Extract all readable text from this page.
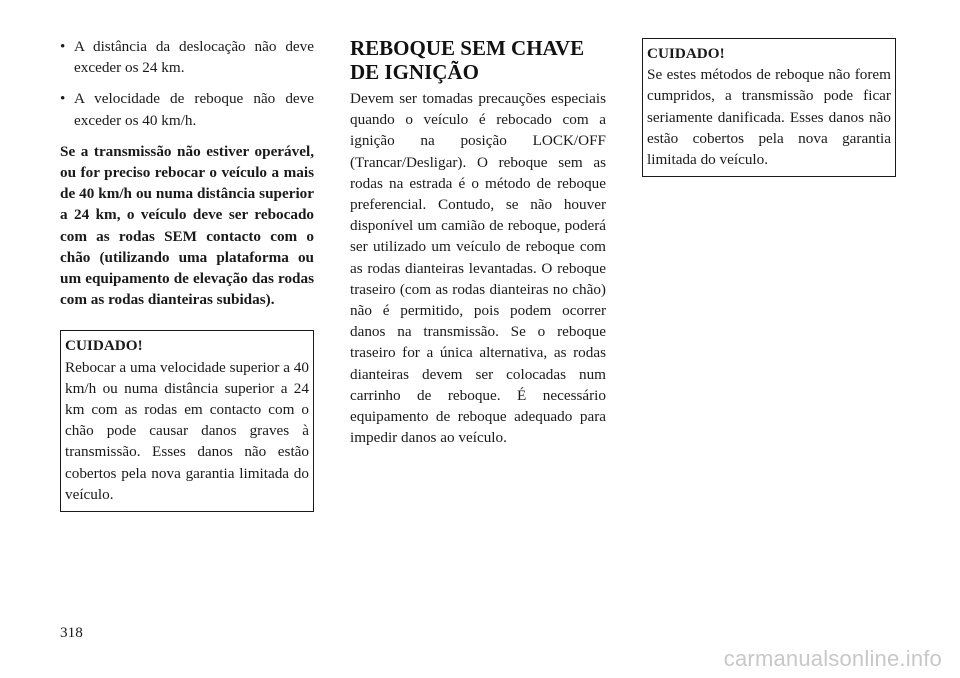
• A distância da deslocação não deve exceder os 24 km.
• A velocidade de reboque não deve exceder os 40 km/h.

Se a transmissão não estiver operável, ou for preciso rebocar o veículo a mais de 40 km/h ou numa distância superior a 24 km, o veículo deve ser rebocado com as rodas SEM contacto com o chão (utilizando uma plataforma ou um equipamento de elevação das rodas com as rodas dianteiras subidas).

CUIDADO!
Rebocar a uma velocidade superior a 40 km/h ou numa distância superior a 24 km com as rodas em contacto com o chão pode causar danos graves à transmissão. Esses danos não estão cobertos pela nova garantia limitada do veículo.
REBOQUE SEM CHAVE DE IGNIÇÃO

Devem ser tomadas precauções especiais quando o veículo é rebocado com a ignição na posição LOCK/OFF (Trancar/Desligar). O reboque sem as rodas na estrada é o método de reboque preferencial. Contudo, se não houver disponível um camião de reboque, poderá ser utilizado um veículo de reboque com as rodas dianteiras levantadas. O reboque traseiro (com as rodas dianteiras no chão) não é permitido, pois podem ocorrer danos na transmissão. Se o reboque traseiro for a única alternativa, as rodas dianteiras devem ser colocadas num carrinho de reboque. É necessário equipamento de reboque adequado para impedir danos ao veículo.

CUIDADO!
Se estes métodos de reboque não forem cumpridos, a transmissão pode ficar seriamente danificada. Esses danos não estão cobertos pela nova garantia limitada do veículo.
318
carmanualsonline.info
